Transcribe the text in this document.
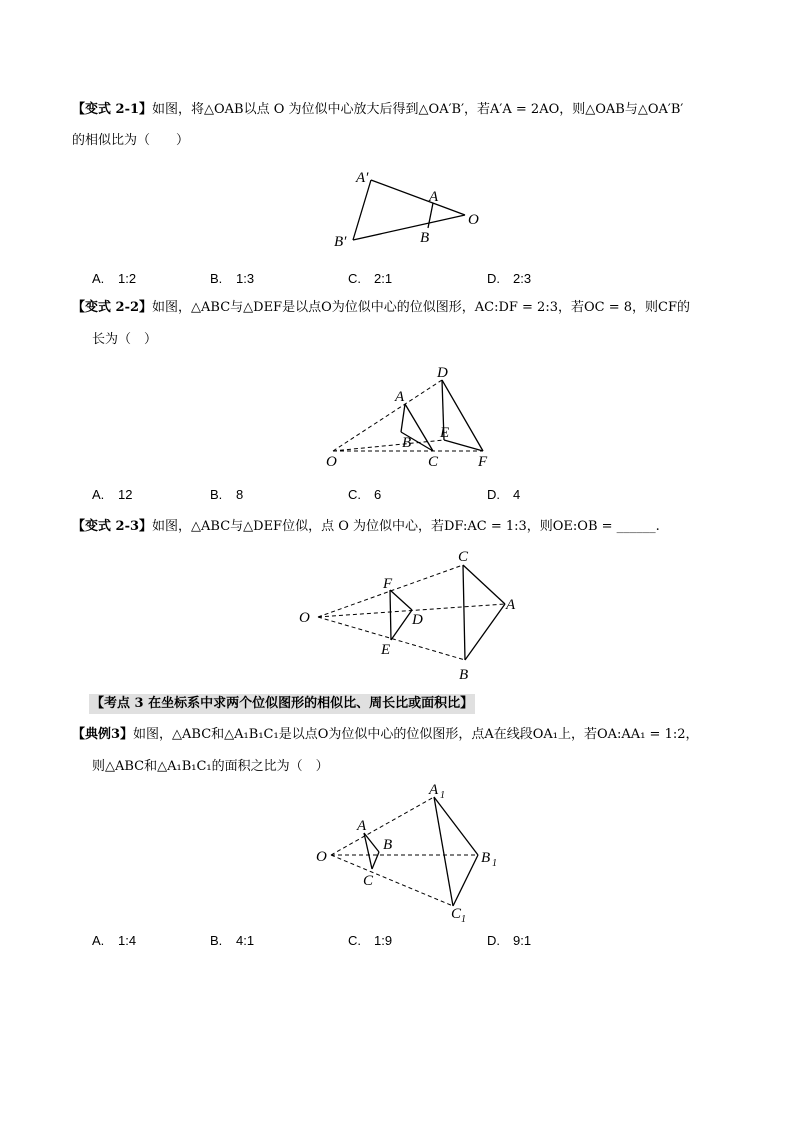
【变式 2-1】如图，将△OAB以点 O 为位似中心放大后得到△OA′B′，若A′A = 2AO，则△OAB与△OA′B′
的相似比为（　　）
A′
A
O
B
B′
A. 1:2	B. 1:3	C. 2:1	D. 2:3
【变式 2-2】如图，△ABC与△DEF是以点O为位似中心的位似图形，AC:DF = 2:3，若OC = 8，则CF的
长为（　）
D
A
E
B
O	C	F
A. 12	B. 8	C. 6	D. 4
【变式 2-3】如图，△ABC与△DEF位似，点 O 为位似中心，若DF:AC = 1:3，则OE:OB = ______.
C
F
A
O	D
E
B
【考点 3 在坐标系中求两个位似图形的相似比、周长比或面积比】
【典例3】如图，△ABC和△A₁B₁C₁是以点O为位似中心的位似图形，点A在线段OA₁上，若OA:AA₁ = 1:2，
则△ABC和△A₁B₁C₁的面积之比为（　）
A 1
A
B
O	B 1
C
C 1
A. 1:4	B. 4:1	C. 1:9	D. 9:1
